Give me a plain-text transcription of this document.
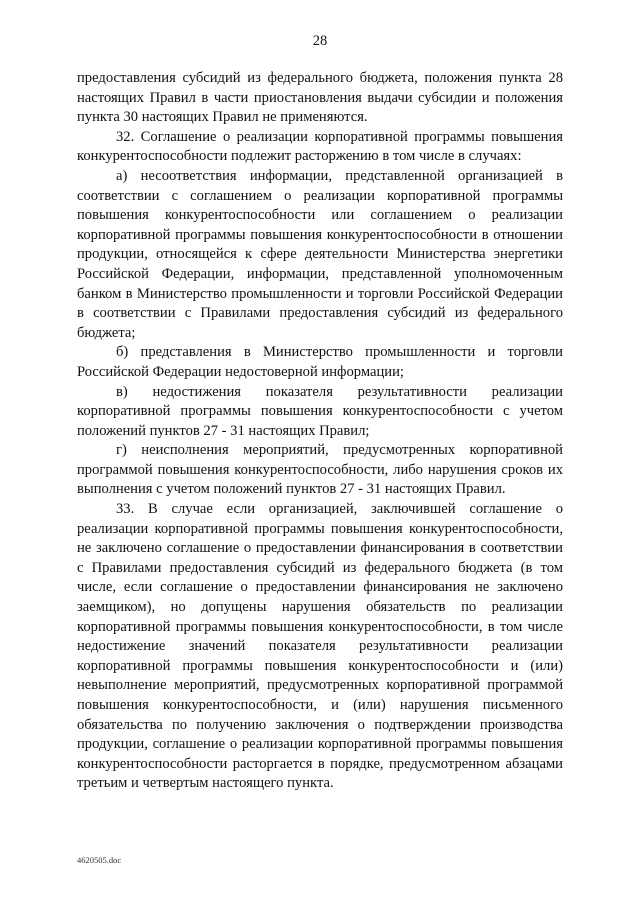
28

предоставления субсидий из федерального бюджета, положения пункта 28 настоящих Правил в части приостановления выдачи субсидии и положения пункта 30 настоящих Правил не применяются.

32. Соглашение о реализации корпоративной программы повышения конкурентоспособности подлежит расторжению в том числе в случаях:

а) несоответствия информации, представленной организацией в соответствии с соглашением о реализации корпоративной программы повышения конкурентоспособности или соглашением о реализации корпоративной программы повышения конкурентоспособности в отношении продукции, относящейся к сфере деятельности Министерства энергетики Российской Федерации, информации, представленной уполномоченным банком в Министерство промышленности и торговли Российской Федерации в соответствии с Правилами предоставления субсидий из федерального бюджета;

б) представления в Министерство промышленности и торговли Российской Федерации недостоверной информации;

в) недостижения показателя результативности реализации корпоративной программы повышения конкурентоспособности с учетом положений пунктов 27 - 31 настоящих Правил;

г) неисполнения мероприятий, предусмотренных корпоративной программой повышения конкурентоспособности, либо нарушения сроков их выполнения с учетом положений пунктов 27 - 31 настоящих Правил.

33. В случае если организацией, заключившей соглашение о реализации корпоративной программы повышения конкурентоспособности, не заключено соглашение о предоставлении финансирования в соответствии с Правилами предоставления субсидий из федерального бюджета (в том числе, если соглашение о предоставлении финансирования не заключено заемщиком), но допущены нарушения обязательств по реализации корпоративной программы повышения конкурентоспособности, в том числе недостижение значений показателя результативности реализации корпоративной программы повышения конкурентоспособности и (или) невыполнение мероприятий, предусмотренных корпоративной программой повышения конкурентоспособности, и (или) нарушения письменного обязательства по получению заключения о подтверждении производства продукции, соглашение о реализации корпоративной программы повышения конкурентоспособности расторгается в порядке, предусмотренном абзацами третьим и четвертым настоящего пункта.

4620505.doc
